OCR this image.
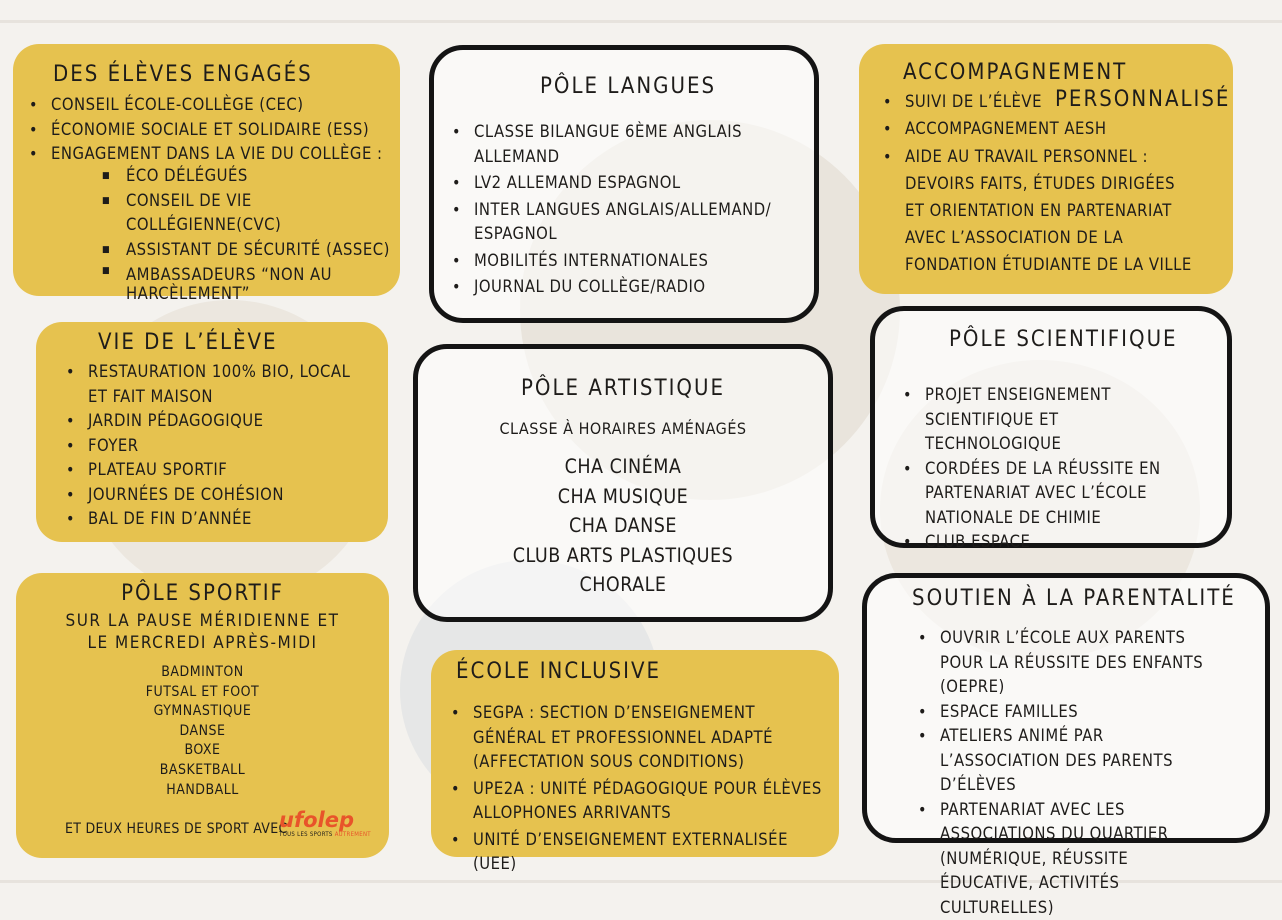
DES ÉLÈVES ENGAGÉS
• CONSEIL ÉCOLE-COLLÈGE (CEC)
• ÉCONOMIE SOCIALE ET SOLIDAIRE (ESS)
• ENGAGEMENT DANS LA VIE DU COLLÈGE :
■ ÉCO DÉLÉGUÉS
■ CONSEIL DE VIE COLLÉGIENNE(CVC)
■ ASSISTANT DE SÉCURITÉ (ASSEC)
■ AMBASSADEURS “NON AU HARCÈLEMENT”
PÔLE LANGUES
• CLASSE BILANGUE 6ÈME ANGLAIS ALLEMAND
• LV2 ALLEMAND ESPAGNOL
• INTER LANGUES ANGLAIS/ALLEMAND/ ESPAGNOL
• MOBILITÉS INTERNATIONALES
• JOURNAL DU COLLÈGE/RADIO
ACCOMPAGNEMENT
PERSONNALISÉ
• SUIVI DE L’ÉLÈVE
• ACCOMPAGNEMENT AESH
• AIDE AU TRAVAIL PERSONNEL : DEVOIRS FAITS, ÉTUDES DIRIGÉES ET ORIENTATION EN PARTENARIAT AVEC L’ASSOCIATION DE LA FONDATION ÉTUDIANTE DE LA VILLE
VIE DE L’ÉLÈVE
• RESTAURATION 100% BIO, LOCAL ET FAIT MAISON
• JARDIN PÉDAGOGIQUE
• FOYER
• PLATEAU SPORTIF
• JOURNÉES DE COHÉSION
• BAL DE FIN D’ANNÉE
PÔLE ARTISTIQUE
CLASSE À HORAIRES AMÉNAGÉS
CHA CINÉMA
CHA MUSIQUE
CHA DANSE
CLUB ARTS PLASTIQUES
CHORALE
PÔLE SCIENTIFIQUE
• PROJET ENSEIGNEMENT SCIENTIFIQUE ET TECHNOLOGIQUE
• CORDÉES DE LA RÉUSSITE EN PARTENARIAT AVEC L’ÉCOLE NATIONALE DE CHIMIE
• CLUB ESPACE
PÔLE SPORTIF
SUR LA PAUSE MÉRIDIENNE ET
LE MERCREDI APRÈS-MIDI
BADMINTON
FUTSAL ET FOOT
GYMNASTIQUE
DANSE
BOXE
BASKETBALL
HANDBALL
ET DEUX HEURES DE SPORT AVEC
ufolep
TOUS LES SPORTS AUTREMENT
ÉCOLE INCLUSIVE
• SEGPA : SECTION D’ENSEIGNEMENT GÉNÉRAL ET PROFESSIONNEL ADAPTÉ (AFFECTATION SOUS CONDITIONS)
• UPE2A : UNITÉ PÉDAGOGIQUE POUR ÉLÈVES ALLOPHONES ARRIVANTS
• UNITÉ D’ENSEIGNEMENT EXTERNALISÉE (UEE)
SOUTIEN À LA PARENTALITÉ
• OUVRIR L’ÉCOLE AUX PARENTS POUR LA RÉUSSITE DES ENFANTS (OEPRE)
• ESPACE FAMILLES
• ATELIERS ANIMÉ PAR L’ASSOCIATION DES PARENTS D’ÉLÈVES
• PARTENARIAT AVEC LES ASSOCIATIONS DU QUARTIER (NUMÉRIQUE, RÉUSSITE ÉDUCATIVE, ACTIVITÉS CULTURELLES)
